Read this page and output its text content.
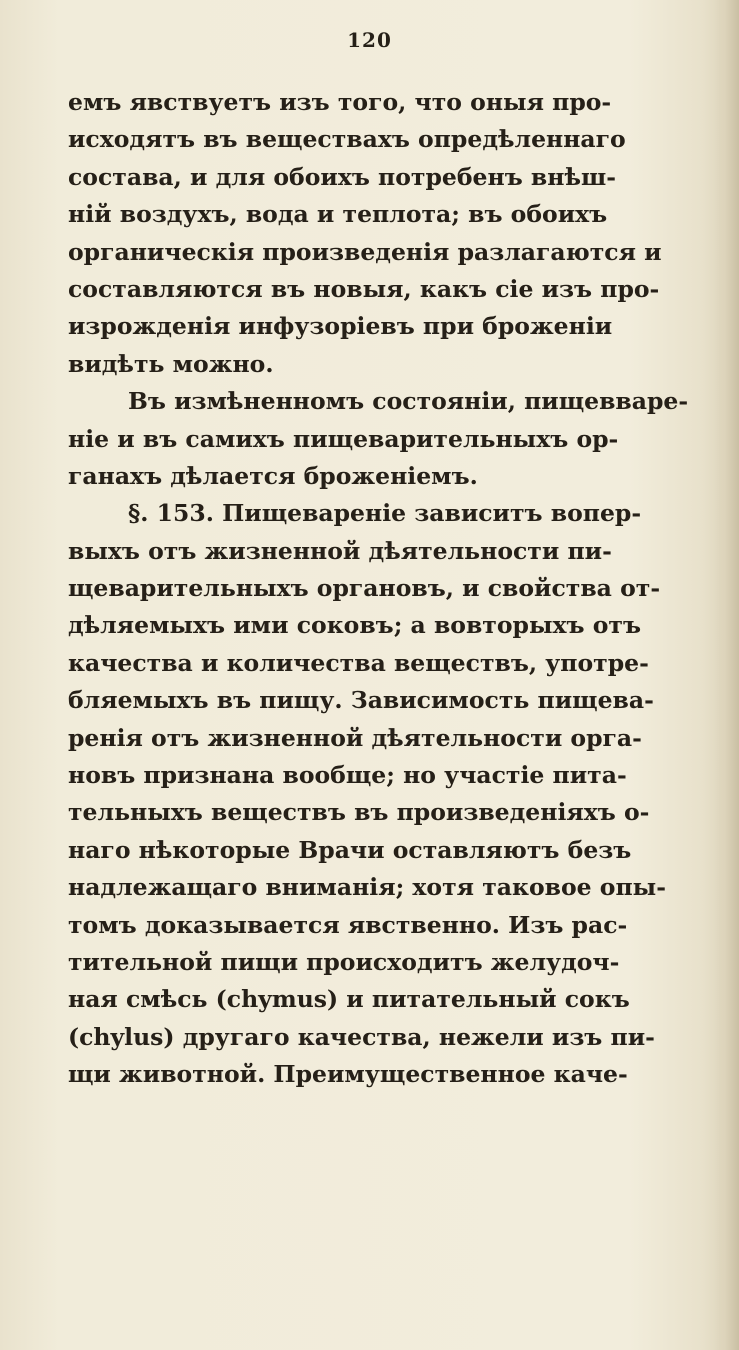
120
емъ явствуетъ изъ того, что оныя про-
исходятъ въ веществахъ опредѣленнаго
состава, и для обоихъ потребенъ внѣш-
ній воздухъ, вода и теплота; въ обоихъ
органическія произведенія разлагаются и
составляются въ новыя, какъ сіе изъ про-
изрожденія инфузоріевъ при броженіи
видѣть можно.
Въ измѣненномъ состояніи, пищевваре-
ніе и въ самихъ пищеварительныхъ ор-
ганахъ дѣлается броженіемъ.
§. 153. Пищевареніе зависитъ вопер-
выхъ отъ жизненной дѣятельности пи-
щеварительныхъ органовъ, и свойства от-
дѣляемыхъ ими соковъ; а вовторыхъ отъ
качества и количества веществъ, употре-
бляемыхъ въ пищу. Зависимость пищева-
ренія отъ жизненной дѣятельности орга-
новъ признана вообще; но участіе пита-
тельныхъ веществъ въ произведеніяхъ о-
наго нѣкоторые Врачи оставляютъ безъ
надлежащаго вниманія; хотя таковое опы-
томъ доказывается явственно. Изъ рас-
тительной пищи происходитъ желудоч-
ная смѣсь (chymus) и питательный сокъ
(chylus) другаго качества, нежели изъ пи-
щи животной. Преимущественное каче-
